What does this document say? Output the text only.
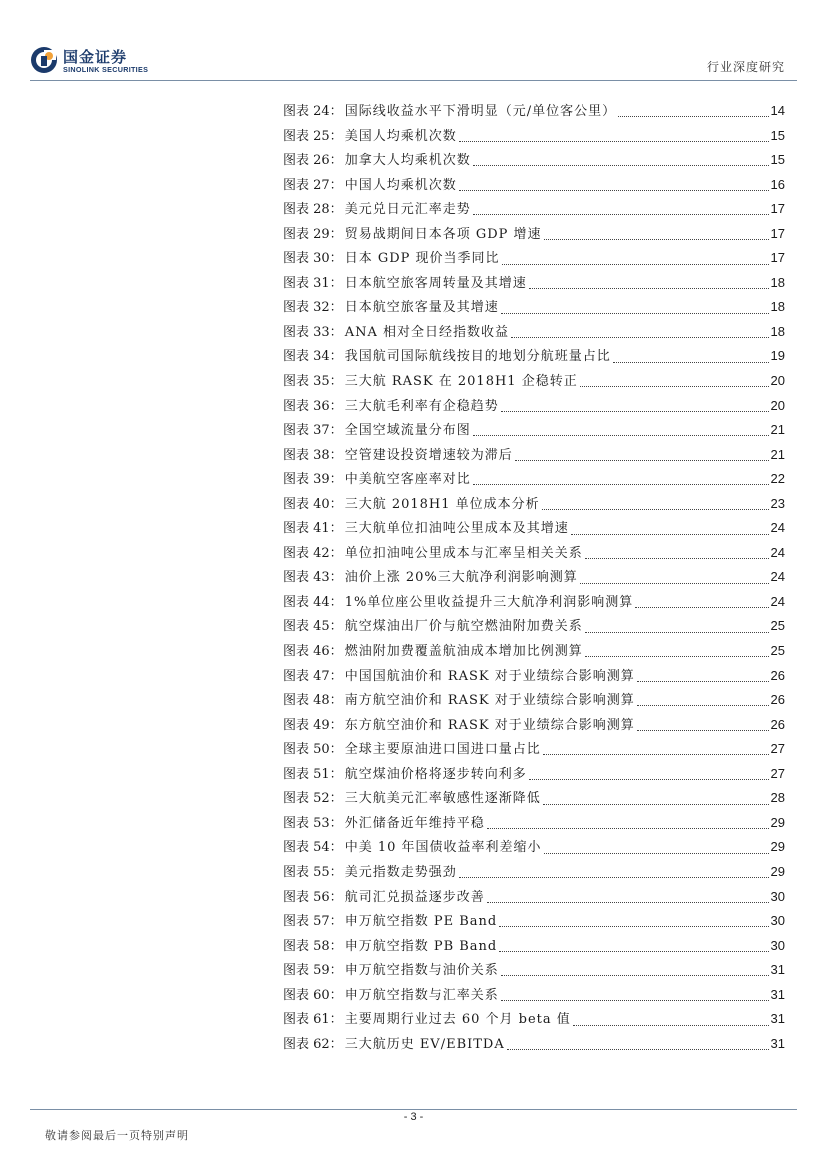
国金证券
SINOLINK SECURITIES	行业深度研究
图表 24： 国际线收益水平下滑明显（元/单位客公里）	14
图表 25： 美国人均乘机次数	15
图表 26： 加拿大人均乘机次数	15
图表 27： 中国人均乘机次数	16
图表 28： 美元兑日元汇率走势	17
图表 29： 贸易战期间日本各项 GDP 增速	17
图表 30： 日本 GDP 现价当季同比	17
图表 31： 日本航空旅客周转量及其增速	18
图表 32： 日本航空旅客量及其增速	18
图表 33： ANA 相对全日经指数收益	18
图表 34： 我国航司国际航线按目的地划分航班量占比	19
图表 35： 三大航 RASK 在 2018H1 企稳转正	20
图表 36： 三大航毛利率有企稳趋势	20
图表 37： 全国空域流量分布图	21
图表 38： 空管建设投资增速较为滞后	21
图表 39： 中美航空客座率对比	22
图表 40： 三大航 2018H1 单位成本分析	23
图表 41： 三大航单位扣油吨公里成本及其增速	24
图表 42： 单位扣油吨公里成本与汇率呈相关关系	24
图表 43： 油价上涨 20%三大航净利润影响测算	24
图表 44： 1%单位座公里收益提升三大航净利润影响测算	24
图表 45： 航空煤油出厂价与航空燃油附加费关系	25
图表 46： 燃油附加费覆盖航油成本增加比例测算	25
图表 47： 中国国航油价和 RASK 对于业绩综合影响测算	26
图表 48： 南方航空油价和 RASK 对于业绩综合影响测算	26
图表 49： 东方航空油价和 RASK 对于业绩综合影响测算	26
图表 50： 全球主要原油进口国进口量占比	27
图表 51： 航空煤油价格将逐步转向利多	27
图表 52： 三大航美元汇率敏感性逐渐降低	28
图表 53： 外汇储备近年维持平稳	29
图表 54： 中美 10 年国债收益率利差缩小	29
图表 55： 美元指数走势强劲	29
图表 56： 航司汇兑损益逐步改善	30
图表 57： 申万航空指数 PE Band	30
图表 58： 申万航空指数 PB Band	30
图表 59： 申万航空指数与油价关系	31
图表 60： 申万航空指数与汇率关系	31
图表 61： 主要周期行业过去 60 个月 beta 值	31
图表 62： 三大航历史 EV/EBITDA	31
- 3 -
敬请参阅最后一页特别声明
